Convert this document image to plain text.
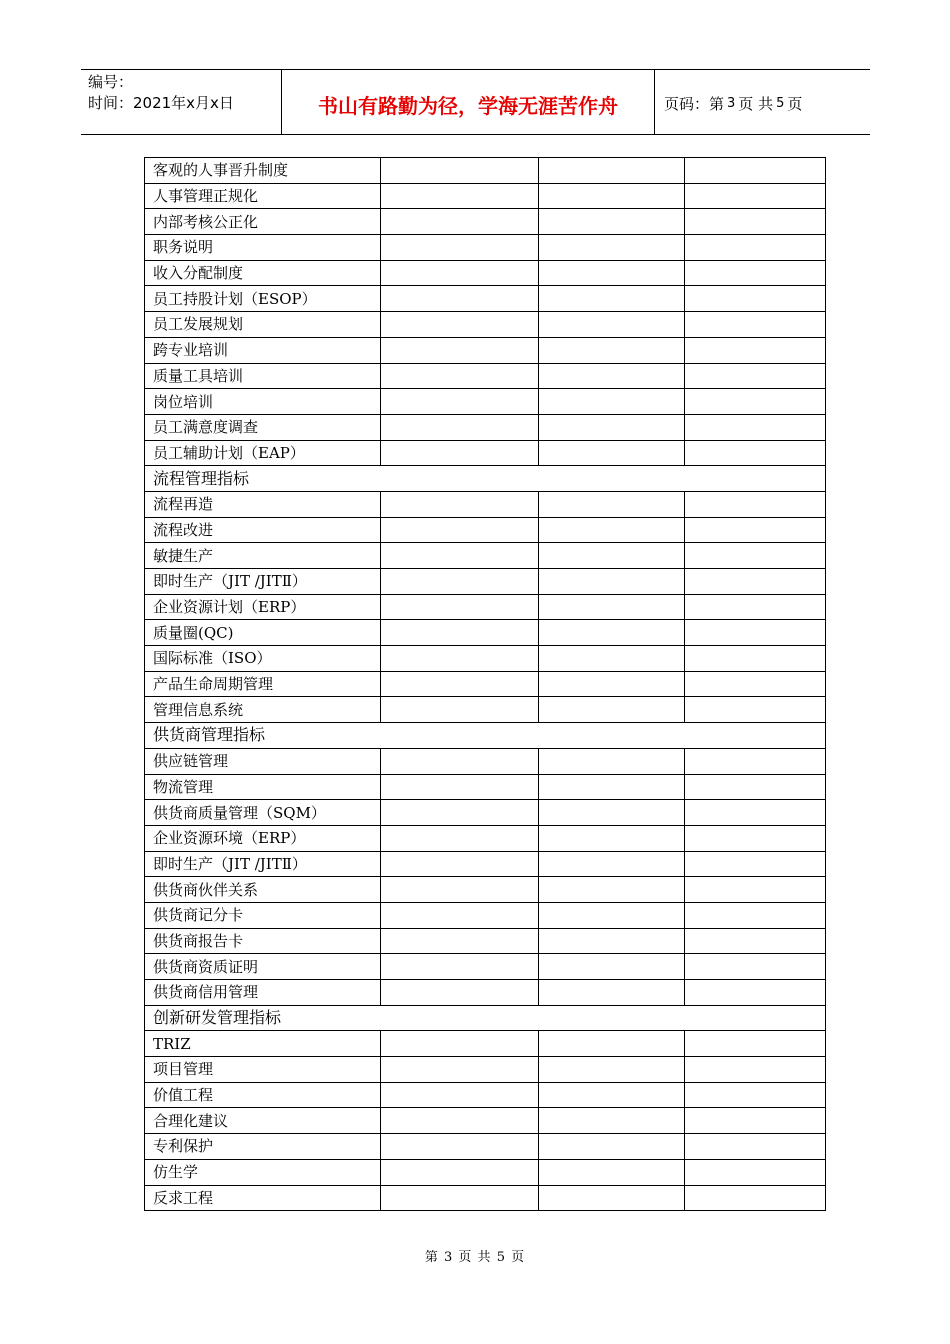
编号：
时间：2021年x月x日	书山有路勤为径，学海无涯苦作舟	页码：第 3 页 共 5 页
客观的人事晋升制度			
人事管理正规化			
内部考核公正化			
职务说明			
收入分配制度			
员工持股计划（ESOP）			
员工发展规划			
跨专业培训			
质量工具培训			
岗位培训			
员工满意度调查			
员工辅助计划（EAP）			
流程管理指标			
流程再造			
流程改进			
敏捷生产			
即时生产（JIT /JITⅡ）			
企业资源计划（ERP）			
质量圈(QC)			
国际标准（ISO）			
产品生命周期管理			
管理信息系统			
供货商管理指标			
供应链管理			
物流管理			
供货商质量管理（SQM）			
企业资源环境（ERP）			
即时生产（JIT /JITⅡ）			
供货商伙伴关系			
供货商记分卡			
供货商报告卡			
供货商资质证明			
供货商信用管理			
创新研发管理指标			
TRIZ			
项目管理			
价值工程			
合理化建议			
专利保护			
仿生学			
反求工程			
第 3 页 共 5 页
